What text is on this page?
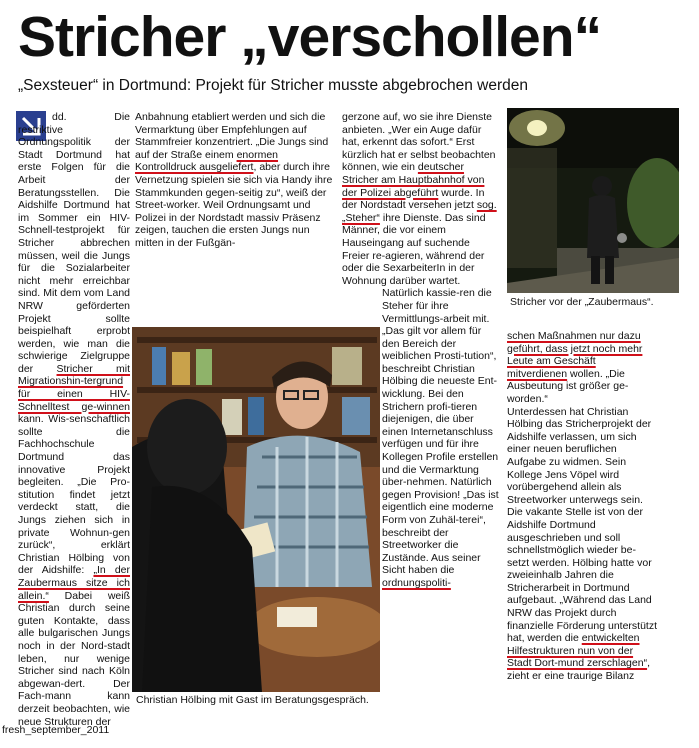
Stricher „verschollen“
„Sexsteuer“ in Dortmund: Projekt für Stricher musste abgebrochen werden

dd. Die restriktive Ordnungspolitik der Stadt Dortmund hat erste Folgen für die Arbeit der Beratungsstellen. Die Aidshilfe Dortmund hat im Sommer ein HIV-Schnell-testprojekt für Stricher abbrechen müssen, weil die Jungs für die Sozialarbeiter nicht mehr erreichbar sind. Mit dem vom Land NRW geförderten Projekt sollte beispielhaft erprobt werden, wie man die schwierige Zielgruppe der Stricher mit Migrationshin-tergrund für einen HIV-Schnelltest ge-winnen kann. Wis-senschaftlich sollte die Fachhochschule Dortmund das innovative Projekt begleiten. „Die Pro-stitution findet jetzt verdeckt statt, die Jungs ziehen sich in private Wohnun-gen zurück“, erklärt Christian Hölbing von der Aidshilfe: „In der Zaubermaus sitze ich allein.“ Dabei weiß Christian durch seine guten Kontakte, dass alle bulgarischen Jungs noch in der Nord-stadt leben, nur wenige Stricher sind nach Köln abgewan-dert. Der Fach-mann kann derzeit beobachten, wie neue Strukturen der

Anbahnung etabliert werden und sich die Vermarktung über Empfehlungen auf Stammfreier konzentriert. „Die Jungs sind auf der Straße einem enormen Kontrolldruck ausgeliefert, aber durch ihre Vernetzung spielen sie sich via Handy ihre Stammkunden gegen-seitig zu“, weiß der Street-worker. Weil Ordnungsamt und Polizei in der Nordstadt massiv Präsenz zeigen, tauchen die ersten Jungs nun mitten in der Fußgän-

gerzone auf, wo sie ihre Dienste anbieten. „Wer ein Auge dafür hat, erkennt das sofort.“ Erst kürzlich hat er selbst beobachten können, wie ein deutscher Stricher am Hauptbahnhof von der Polizei abgeführt wurde. In der Nordstadt versehen jetzt sog. „Steher“ ihre Dienste. Das sind Männer, die vor einem Hauseingang auf suchende Freier re-agieren, während der oder die SexarbeiterIn in der Wohnung darüber wartet.

Natürlich kassie-ren die Steher für ihre Vermittlungs-arbeit mit. „Das gilt vor allem für den Bereich der weiblichen Prosti-tution“, beschreibt Christian Hölbing die neueste Ent-wicklung. Bei den Strichern profi-tieren diejenigen, die über einen Internetanschluss verfügen und für ihre Kollegen Profile erstellen und die Vermarktung über-nehmen. Natürlich gegen Provision! „Das ist eigentlich eine moderne Form von Zuhäl-terei“, beschreibt der Streetworker die Zustände. Aus seiner Sicht haben die ordnungspoliti-

schen Maßnahmen nur dazu geführt, dass jetzt noch mehr Leute am Geschäft mitverdienen wollen. „Die Ausbeutung ist größer ge-worden.“

Unterdessen hat Christian Hölbing das Stricherprojekt der Aidshilfe verlassen, um sich einer neuen beruflichen Aufgabe zu widmen. Sein Kollege Jens Vöpel wird vorübergehend allein als Streetworker unterwegs sein. Die vakante Stelle ist von der Aidshilfe Dortmund ausgeschrieben und soll schnellstmöglich wieder be-setzt werden. Hölbing hatte vor zweieinhalb Jahren die Stricherarbeit in Dortmund aufgebaut. „Während das Land NRW das Projekt durch finanzielle Förderung unterstützt hat, werden die entwickelten Hilfestrukturen nun von der Stadt Dort-mund zerschlagen“, zieht er eine traurige Bilanz

Stricher vor der „Zaubermaus“.
Christian Hölbing mit Gast im Beratungsgespräch.
fresh_september_2011
